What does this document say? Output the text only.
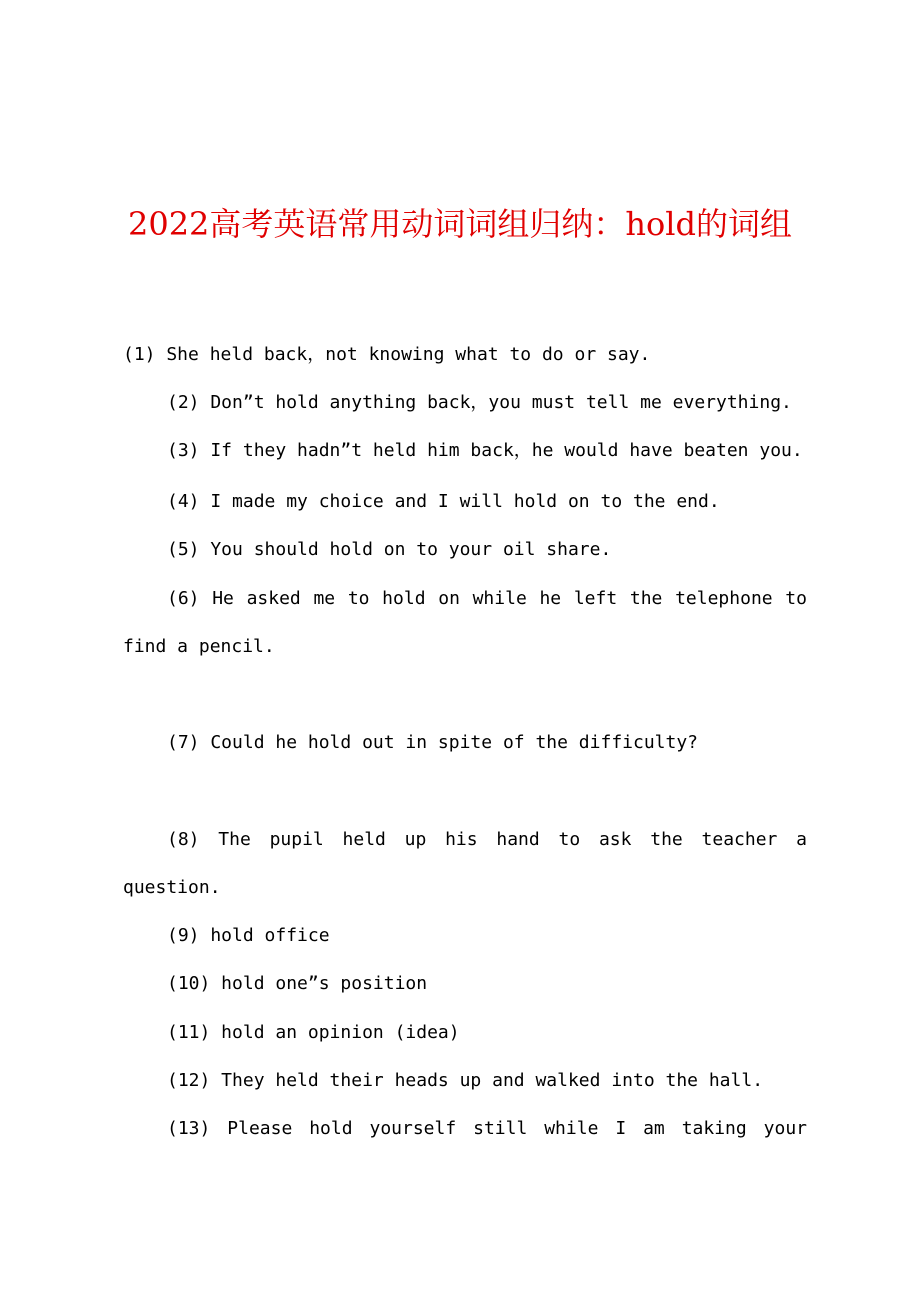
2022高考英语常用动词词组归纳：hold的词组

(1) She held back，not knowing what to do or say.

(2) Don”t hold anything back，you must tell me everything.

(3) If they hadn”t held him back，he would have beaten you.

(4) I made my choice and I will hold on to the end.

(5) You should hold on to your oil share.

(6) He asked me to hold on while he left the telephone to

find a pencil.

(7) Could he hold out in spite of the difficulty?

(8) The pupil held up his hand to ask the teacher a

question.

(9) hold office

(10) hold one”s position

(11) hold an opinion (idea)

(12) They held their heads up and walked into the hall.

(13) Please hold yourself still while I am taking your
